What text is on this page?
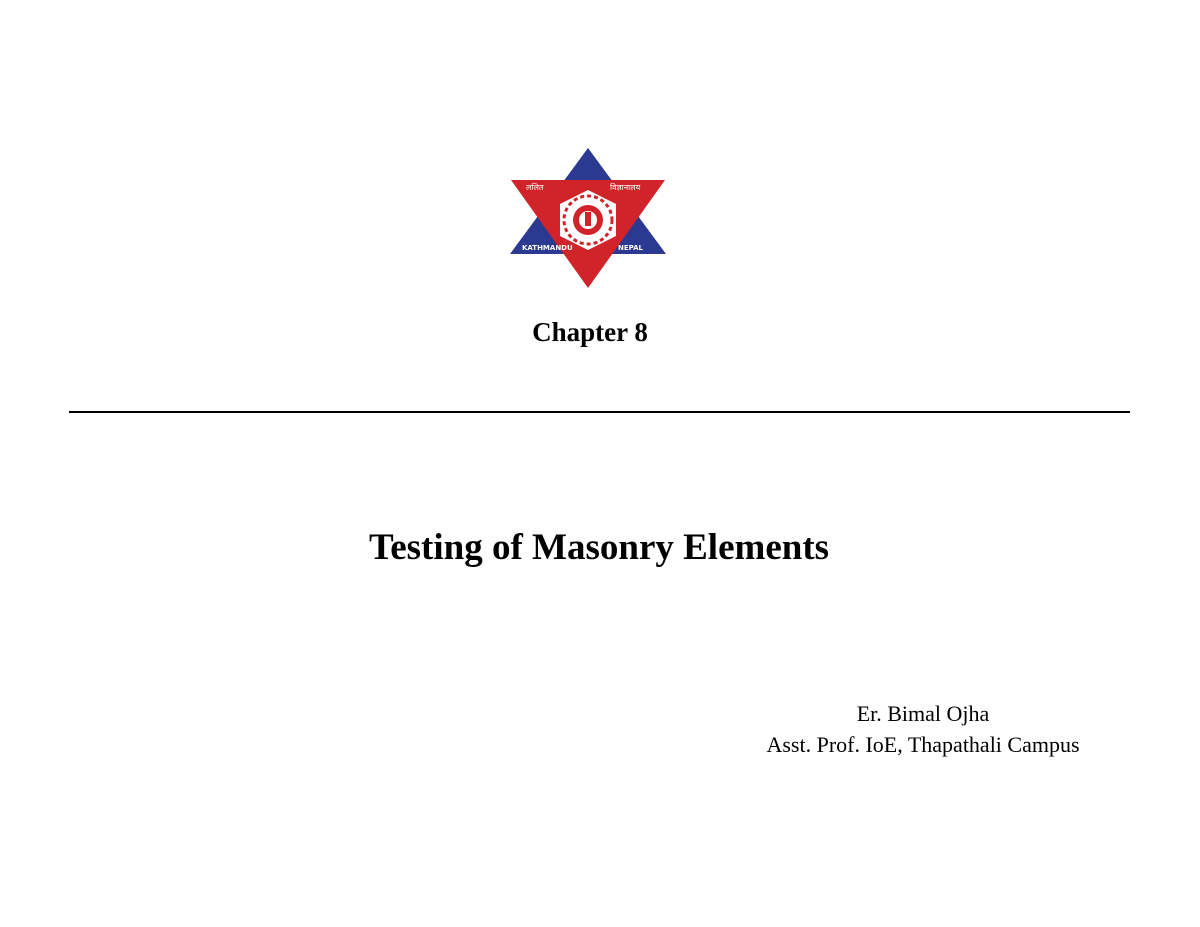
ललित	विज्ञानालय
KATHMANDU	NEPAL
Chapter 8
Testing of Masonry Elements
Er. Bimal Ojha
Asst. Prof. IoE, Thapathali Campus
